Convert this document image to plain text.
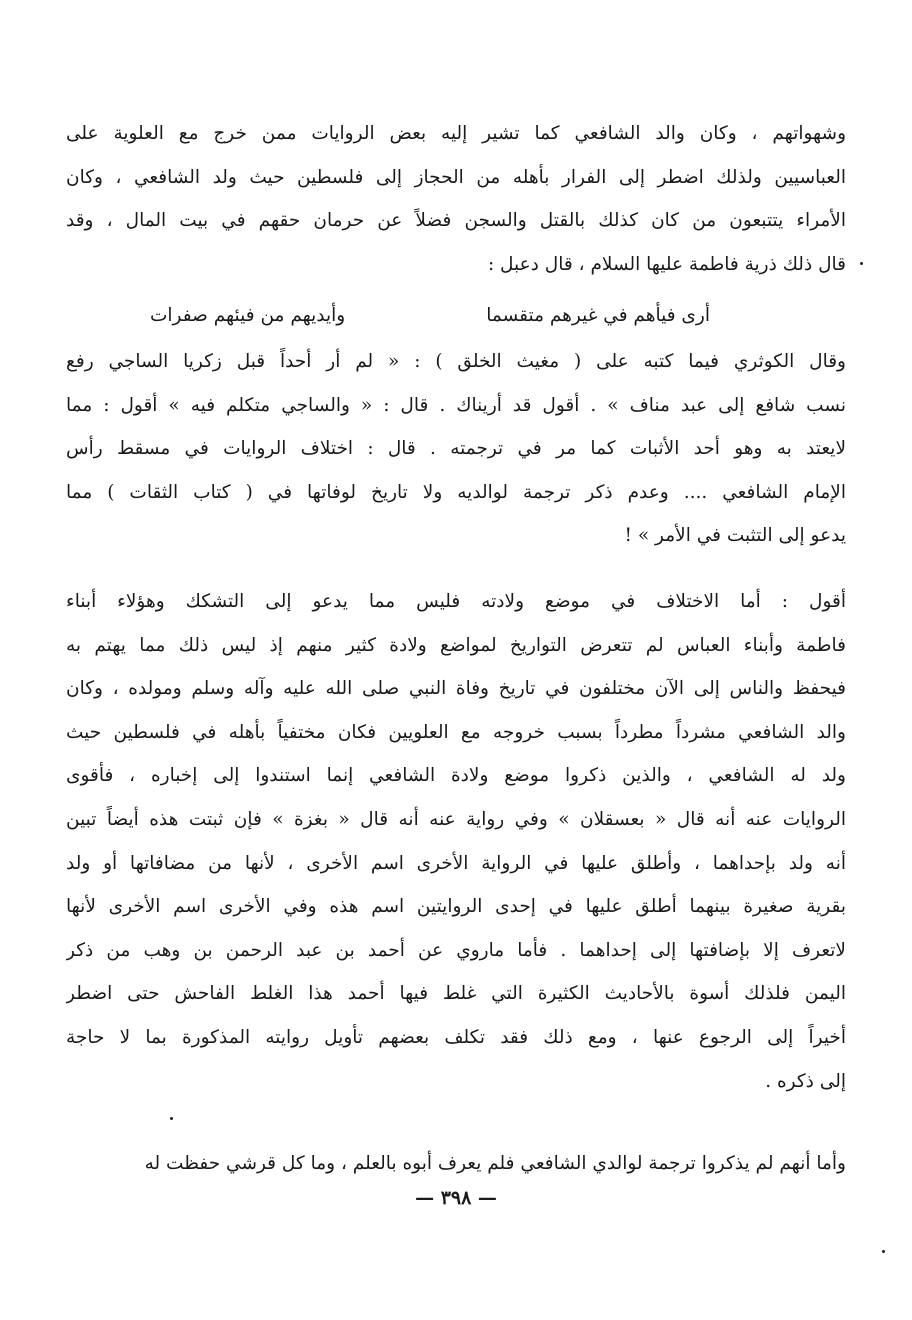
وشهواتهم ، وكان والد الشافعي كما تشير إليه بعض الروايات ممن خرج مع العلوية على
العباسيين ولذلك اضطر إلى الفرار بأهله من الحجاز إلى فلسطين حيث ولد الشافعي ، وكان
الأمراء يتتبعون من كان كذلك بالقتل والسجن فضلاً عن حرمان حقهم في بيت المال ، وقد
قال ذلك ذرية فاطمة عليها السلام ، قال دعبل :
أرى فيأهم في غيرهم متقسما
وأيديهم من فيئهم صفرات
وقال الكوثري فيما كتبه على ( مغيث الخلق ) : « لم أر أحداً قبل زكريا الساجي رفع
نسب شافع إلى عبد مناف » . أقول قد أريناك . قال : « والساجي متكلم فيه » أقول : مما
لايعتد به وهو أحد الأثبات كما مر في ترجمته . قال : اختلاف الروايات في مسقط رأس
الإمام الشافعي .... وعدم ذكر ترجمة لوالديه ولا تاريخ لوفاتها في ( كتاب الثقات ) مما
يدعو إلى التثبت في الأمر » !
أقول : أما الاختلاف في موضع ولادته فليس مما يدعو إلى التشكك وهؤلاء أبناء
فاطمة وأبناء العباس لم تتعرض التواريخ لمواضع ولادة كثير منهم إذ ليس ذلك مما يهتم به
فيحفظ والناس إلى الآن مختلفون في تاريخ وفاة النبي صلى الله عليه وآله وسلم ومولده ، وكان
والد الشافعي مشرداً مطرداً بسبب خروجه مع العلويين فكان مختفياً بأهله في فلسطين حيث
ولد له الشافعي ، والذين ذكروا موضع ولادة الشافعي إنما استندوا إلى إخباره ، فأقوى
الروايات عنه أنه قال « بعسقلان » وفي رواية عنه أنه قال « بغزة » فإن ثبتت هذه أيضاً تبين
أنه ولد بإحداهما ، وأطلق عليها في الرواية الأخرى اسم الأخرى ، لأنها من مضافاتها أو ولد
بقرية صغيرة بينهما أطلق عليها في إحدى الروايتين اسم هذه وفي الأخرى اسم الأخرى لأنها
لاتعرف إلا بإضافتها إلى إحداهما . فأما ماروي عن أحمد بن عبد الرحمن بن وهب من ذكر
اليمن فلذلك أسوة بالأحاديث الكثيرة التي غلط فيها أحمد هذا الغلط الفاحش حتى اضطر
أخيراً إلى الرجوع عنها ، ومع ذلك فقد تكلف بعضهم تأويل روايته المذكورة بما لا حاجة
إلى ذكره .
وأما أنهم لم يذكروا ترجمة لوالدي الشافعي فلم يعرف أبوه بالعلم ، وما كل قرشي حفظت له
— ٣٩٨ —
